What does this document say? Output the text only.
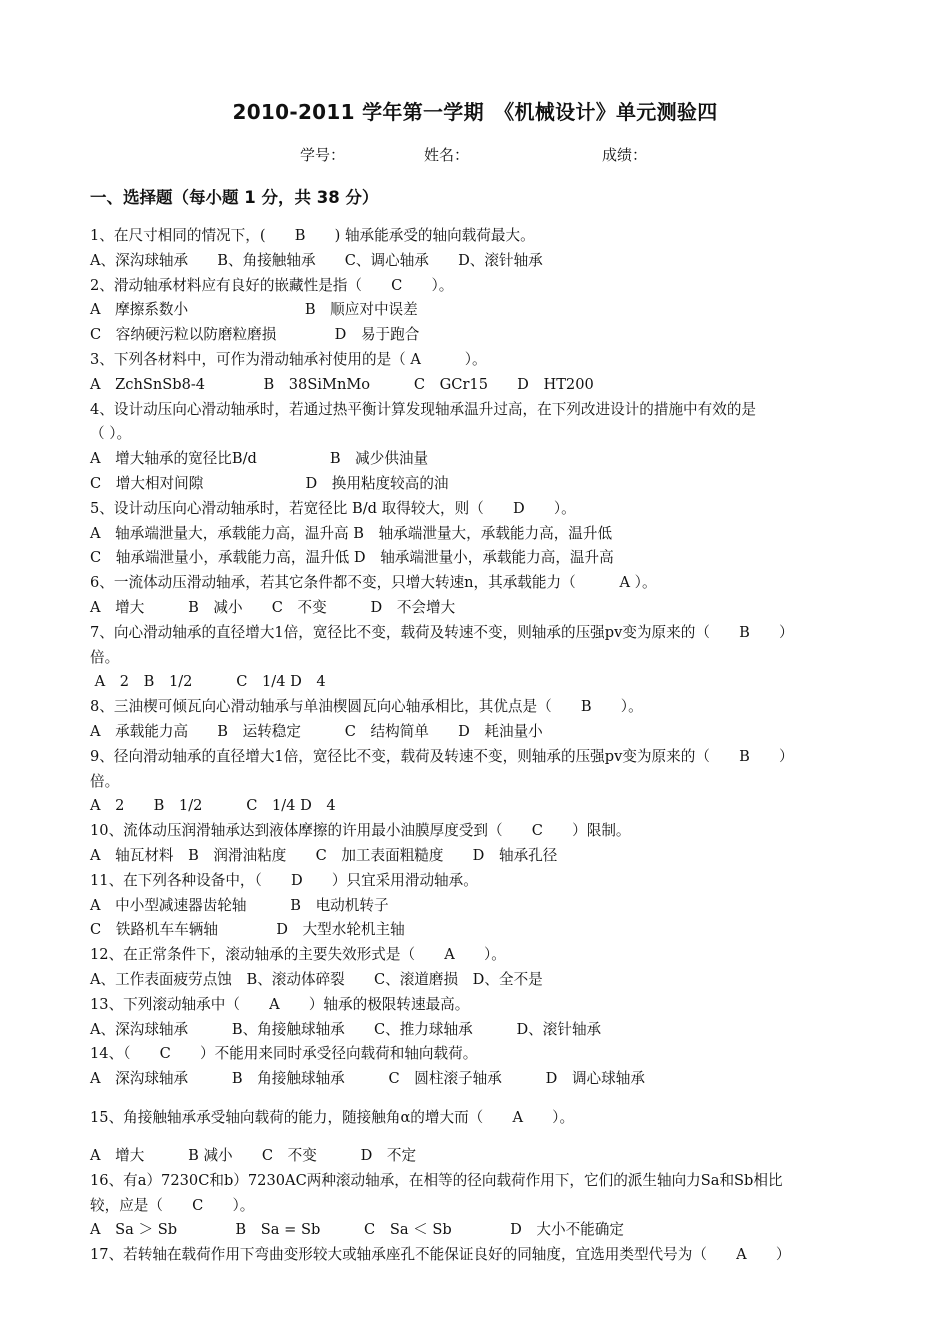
2010-2011 学年第一学期　《机械设计》单元测验四
学号：	姓名：	成绩：
一、选择题（每小题 1 分，共 38 分）
1、在尺寸相同的情况下，(　　B　　) 轴承能承受的轴向载荷最大。
A、深沟球轴承　　B、角接触轴承　　C、调心轴承　　D、滚针轴承
2、滑动轴承材料应有良好的嵌藏性是指（　　C　　）。
A　摩擦系数小　　　　　　　　B　顺应对中误差
C　容纳硬污粒以防磨粒磨损　　　　D　易于跑合
3、下列各材料中，可作为滑动轴承衬使用的是（ A　　　）。
A　ZchSnSb8-4　　　　B　38SiMnMo　　　C　GCr15　　D　HT200
4、设计动压向心滑动轴承时，若通过热平衡计算发现轴承温升过高，在下列改进设计的措施中有效的是
（ ）。
A　增大轴承的宽径比B/d　　　　　B　减少供油量
C　增大相对间隙　　　　　　　D　换用粘度较高的油
5、设计动压向心滑动轴承时，若宽径比 B/d 取得较大，则（　　D　　）。
A　轴承端泄量大，承载能力高，温升高 B　轴承端泄量大，承载能力高，温升低
C　轴承端泄量小，承载能力高，温升低 D　轴承端泄量小，承载能力高，温升高
6、一流体动压滑动轴承，若其它条件都不变，只增大转速n，其承载能力（　　　A ）。
A　增大　　　B　减小　　C　不变　　　D　不会增大
7、向心滑动轴承的直径增大1倍，宽径比不变，载荷及转速不变，则轴承的压强pv变为原来的（　　B　　）
倍。
A　2　B　1/2　　　C　1/4 D　4
8、三油楔可倾瓦向心滑动轴承与单油楔圆瓦向心轴承相比，其优点是（　　B　　）。
A　承载能力高　　B　运转稳定　　　C　结构简单　　D　耗油量小
9、径向滑动轴承的直径增大1倍，宽径比不变，载荷及转速不变，则轴承的压强pv变为原来的（　　B　　）
倍。
A　2　　B　1/2　　　C　1/4 D　4
10、流体动压润滑轴承达到液体摩擦的许用最小油膜厚度受到（　　C　　）限制。
A　轴瓦材料　B　润滑油粘度　　C　加工表面粗糙度　　D　轴承孔径
11、在下列各种设备中，（　　D　　）只宜采用滑动轴承。
A　中小型减速器齿轮轴　　　B　电动机转子
C　铁路机车车辆轴　　　　D　大型水轮机主轴
12、在正常条件下，滚动轴承的主要失效形式是（　　A　　）。
A、工作表面疲劳点蚀　B、滚动体碎裂　　C、滚道磨损　D、全不是
13、下列滚动轴承中（　　A　　）轴承的极限转速最高。
A、深沟球轴承　　　B、角接触球轴承　　C、推力球轴承　　　D、滚针轴承
14、（　　C　　）不能用来同时承受径向载荷和轴向载荷。
A　深沟球轴承　　　B　角接触球轴承　　　C　圆柱滚子轴承　　　D　调心球轴承
15、角接触轴承承受轴向载荷的能力，随接触角α的增大而（　　A　　）。
A　增大　　　B 减小　　C　不变　　　D　不定
16、有a）7230C和b）7230AC两种滚动轴承，在相等的径向载荷作用下，它们的派生轴向力Sa和Sb相比
较，应是（　　C　　）。
A　Sa ＞ Sb　　　　B　Sa = Sb　　　C　Sa ＜ Sb　　　　D　大小不能确定
17、若转轴在载荷作用下弯曲变形较大或轴承座孔不能保证良好的同轴度，宜选用类型代号为（　　A　　）
